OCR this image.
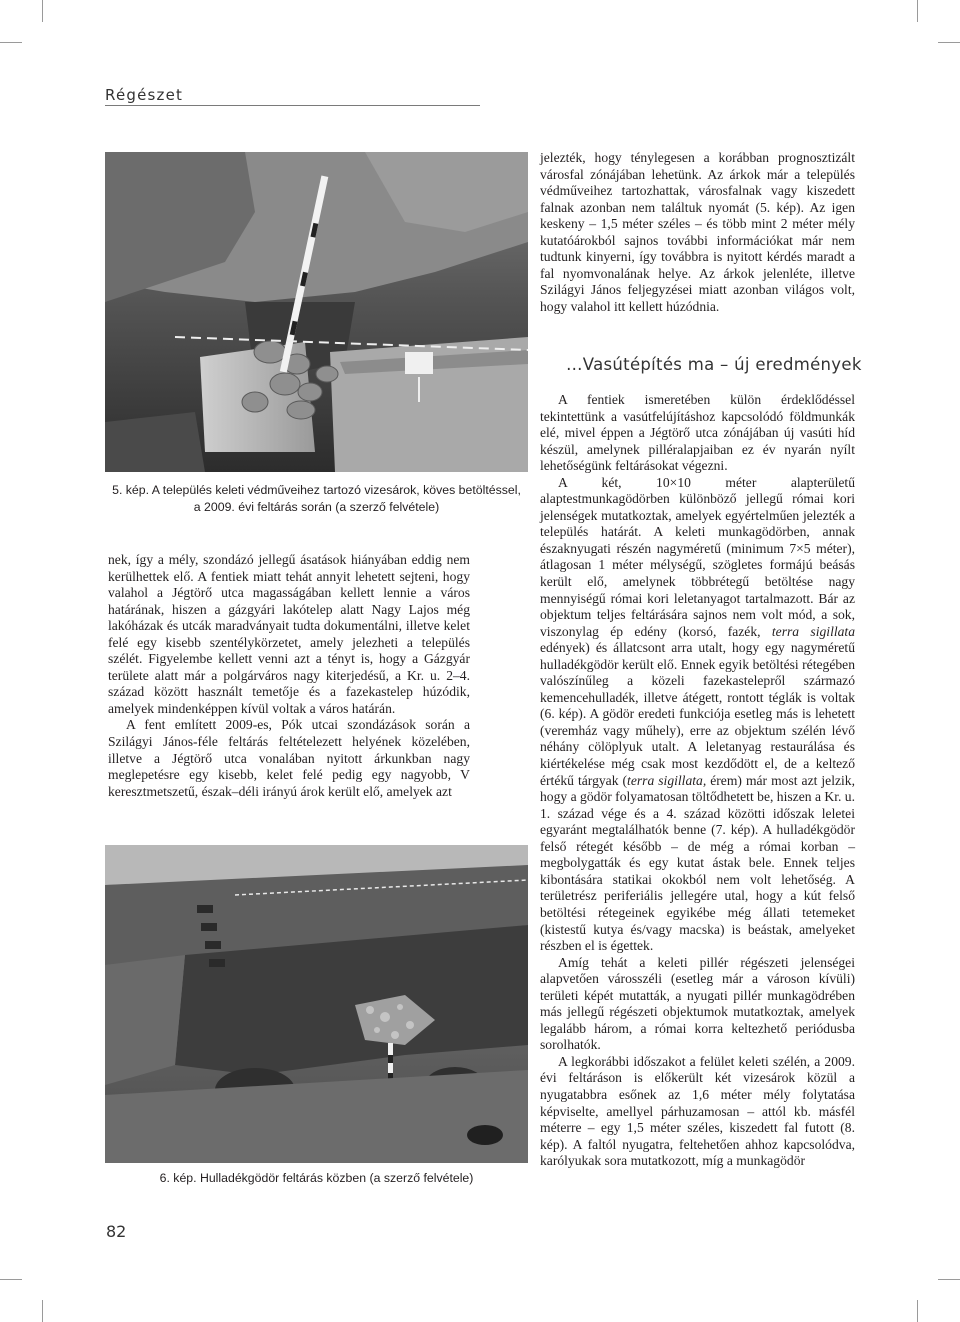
Régészet
5. kép. A település keleti védműveihez tartozó vizesárok, köves betöltéssel,
a 2009. évi feltárás során (a szerző felvétele)

jelezték, hogy ténylegesen a korábban prognosztizált városfal zónájában lehetünk. Az árkok már a település védműveihez tartozhattak, városfalnak vagy kiszedett falnak azonban nem találtuk nyomát (5. kép). Az igen keskeny – 1,5 méter széles – és több mint 2 méter mély kutatóárokból sajnos további információkat már nem tudtunk kinyerni, így továbbra is nyitott kérdés maradt a fal nyomvonalának helye. Az árkok jelenléte, illetve Szilágyi János feljegyzései miatt azonban világos volt, hogy valahol itt kellett húzódnia.

…Vasútépítés ma – új eredmények

nek, így a mély, szondázó jellegű ásatások hiányában eddig nem kerülhettek elő. A fentiek miatt tehát annyit lehetett sejteni, hogy valahol a Jégtörő utca magasságában kellett lennie a város határának, hiszen a gázgyári lakótelep alatt Nagy Lajos még lakóházak és utcák maradványait tudta dokumentálni, illetve kelet felé egy kisebb szentélykörzetet, amely jelezheti a település szélét. Figyelembe kellett venni azt a tényt is, hogy a Gázgyár területe alatt már a polgárváros nagy kiterjedésű, a Kr. u. 2–4. század között használt temetője és a fazekastelep húzódik, amelyek mindenképpen kívül voltak a város határán.

A fent említett 2009-es, Pók utcai szondázások során a Szilágyi János-féle feltárás feltételezett helyének közelében, illetve a Jégtörő utca vonalában nyitott árkunkban nagy meglepetésre egy kisebb, kelet felé pedig egy nagyobb, V keresztmetszetű, észak–déli irányú árok került elő, amelyek azt

A fentiek ismeretében külön érdeklődéssel tekintettünk a vasútfelújításhoz kapcsolódó földmunkák elé, mivel éppen a Jégtörő utca zónájában új vasúti híd készül, amelynek pilléralapjaiban ez év nyarán nyílt lehetőségünk feltárásokat végezni.

A két, 10×10 méter alapterületű alaptestmunkagödörben különböző jellegű római kori jelenségek mutatkoztak, amelyek egyértelműen jelezték a település határát. A keleti munkagödörben, annak északnyugati részén nagyméretű (minimum 7×5 méter), átlagosan 1 méter mélységű, szögletes formájú beásás került elő, amelynek többrétegű betöltése nagy mennyiségű római kori leletanyagot tartalmazott. Bár az objektum teljes feltárására sajnos nem volt mód, a sok, viszonylag ép edény (korsó, fazék, terra sigillata edények) és állatcsont arra utalt, hogy egy nagyméretű hulladékgödör került elő. Ennek egyik betöltési rétegében valószínűleg a közeli fazekastelepről származó kemencehulladék, illetve átégett, rontott téglák is voltak (6. kép). A gödör eredeti funkciója esetleg más is lehetett (veremház vagy műhely), erre az objektum szélén lévő néhány cölöplyuk utalt. A leletanyag restaurálása és kiértékelése még csak most kezdődött el, de a keltező értékű tárgyak (terra sigillata, érem) már most azt jelzik, hogy a gödör folyamatosan töltődhetett be, hiszen a Kr. u. 1. század vége és a 4. század közötti időszak leletei egyaránt megtalálhatók benne (7. kép). A hulladékgödör felső rétegét később – de még a római korban – megbolygatták és egy kutat ástak bele. Ennek teljes kibontására statikai okokból nem volt lehetőség. A területrész periferiális jellegére utal, hogy a kút felső betöltési rétegeinek egyikébe még állati tetemeket (kistestű kutya és/vagy macska) is beástak, amelyeket részben el is égettek.

Amíg tehát a keleti pillér régészeti jelenségei alapvetően városszéli (esetleg már a városon kívüli) területi képét mutatták, a nyugati pillér munkagödrében más jellegű régészeti objektumok mutatkoztak, amelyek legalább három, a római korra keltezhető periódusba sorolhatók.

A legkorábbi időszakot a felület keleti szélén, a 2009. évi feltáráson is előkerült két vizesárok közül a nyugatabbra esőnek az 1,6 méter mély folytatása képviselte, amellyel párhuzamosan – attól kb. másfél méterre – egy 1,5 méter széles, kiszedett fal futott (8. kép). A faltól nyugatra, feltehetően ahhoz kapcsolódva, karólyukak sora mutatkozott, míg a munkagödör

6. kép. Hulladékgödör feltárás közben (a szerző felvétele)
82
